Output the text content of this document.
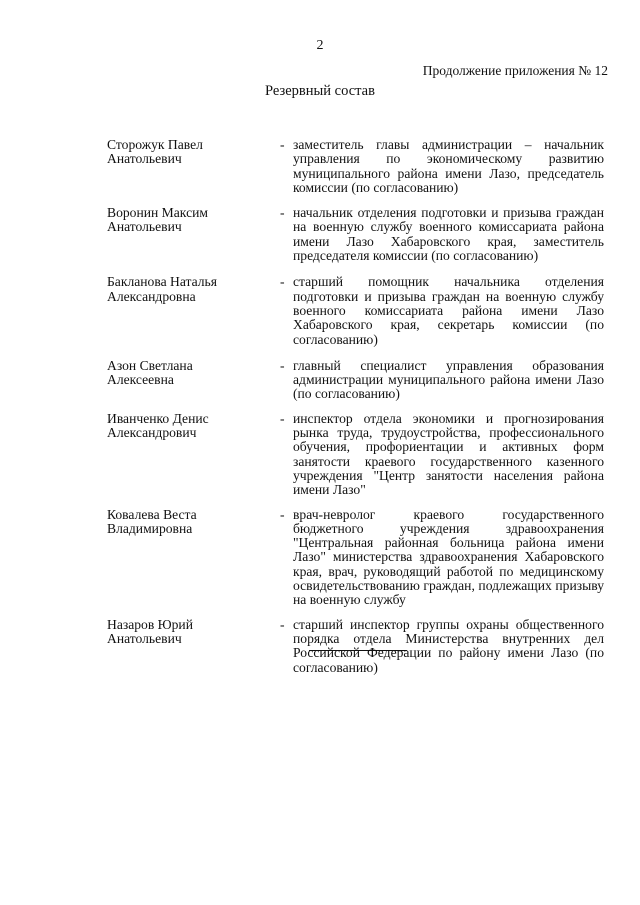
2
Продолжение приложения № 12
Резервный состав
Сторожук Павел
Анатольевич
- заместитель главы администрации – начальник управления по экономическому развитию муниципального района имени Лазо, председатель комиссии (по согласованию)
Воронин Максим
Анатольевич
- начальник отделения подготовки и призыва граждан на военную службу военного комиссариата района имени Лазо Хабаровского края, заместитель председателя комиссии (по согласованию)
Бакланова Наталья
Александровна
- старший помощник начальника отделения подготовки и призыва граждан на военную службу военного комиссариата района имени Лазо Хабаровского края, секретарь комиссии (по согласованию)
Азон Светлана
Алексеевна
- главный специалист управления образования администрации муниципального района имени Лазо (по согласованию)
Иванченко Денис
Александрович
- инспектор отдела экономики и прогнозирования рынка труда, трудоустройства, профессионального обучения, профориентации и активных форм занятости краевого государственного казенного учреждения "Центр занятости населения района имени Лазо"
Ковалева Веста
Владимировна
- врач-невролог краевого государственного бюджетного учреждения здравоохранения "Центральная районная больница района имени Лазо" министерства здравоохранения Хабаровского края, врач, руководящий работой по медицинскому освидетельствованию граждан, подлежащих призыву на военную службу
Назаров Юрий
Анатольевич
- старший инспектор группы охраны общественного порядка отдела Министерства внутренних дел Российской Федерации по району имени Лазо (по согласованию)
